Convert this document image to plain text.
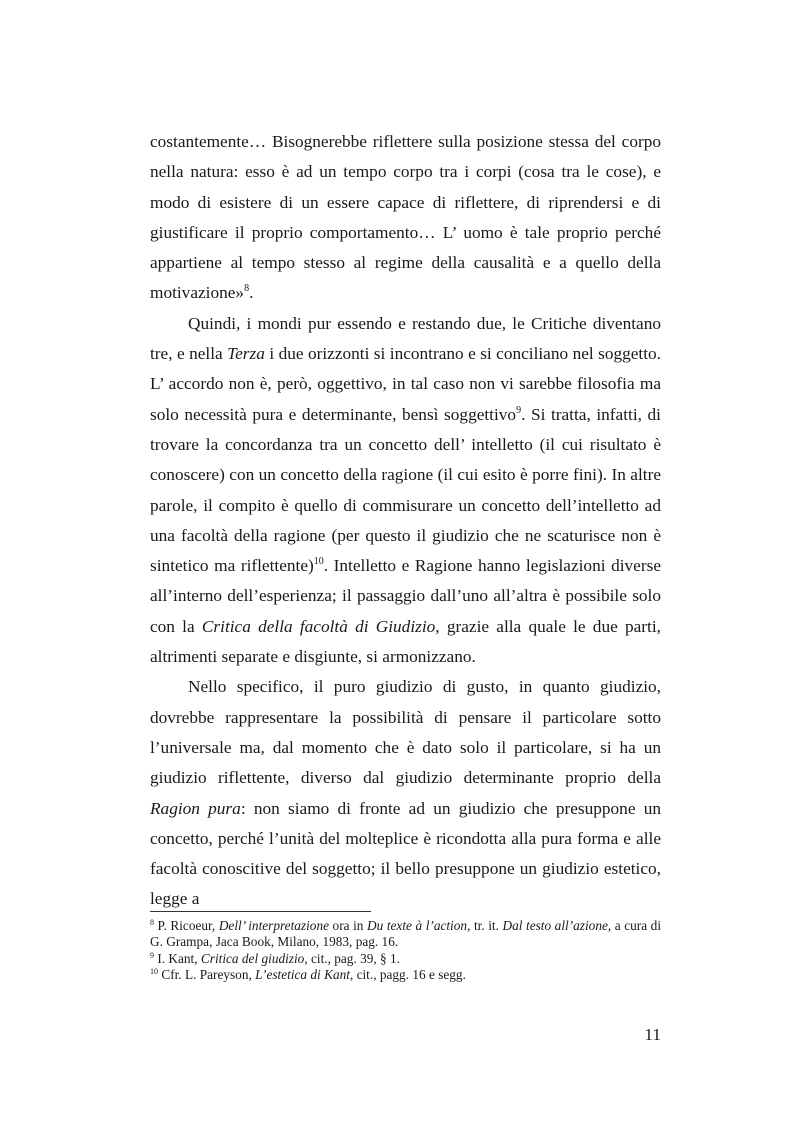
costantemente… Bisognerebbe riflettere sulla posizione stessa del corpo nella natura: esso è ad un tempo corpo tra i corpi (cosa tra le cose), e modo di esistere di un essere capace di riflettere, di riprendersi e di giustificare il proprio comportamento… L’ uomo è tale proprio perché appartiene al tempo stesso al regime della causalità e a quello della motivazione»$^8$.

Quindi, i mondi pur essendo e restando due, le Critiche diventano tre, e nella Terza i due orizzonti si incontrano e si conciliano nel soggetto. L’ accordo non è, però, oggettivo, in tal caso non vi sarebbe filosofia ma solo necessità pura e determinante, bensì soggettivo$^9$. Si tratta, infatti, di trovare la concordanza tra un concetto dell’ intelletto (il cui risultato è conoscere) con un concetto della ragione (il cui esito è porre fini). In altre parole, il compito è quello di commisurare un concetto dell’intelletto ad una facoltà della ragione (per questo il giudizio che ne scaturisce non è sintetico ma riflettente)$^{10}$. Intelletto e Ragione hanno legislazioni diverse all’interno dell’esperienza; il passaggio dall’uno all’altra è possibile solo con la Critica della facoltà di Giudizio, grazie alla quale le due parti, altrimenti separate e disgiunte, si armonizzano.

Nello specifico, il puro giudizio di gusto, in quanto giudizio, dovrebbe rappresentare la possibilità di pensare il particolare sotto l’universale ma, dal momento che è dato solo il particolare, si ha un giudizio riflettente, diverso dal giudizio determinante proprio della Ragion pura: non siamo di fronte ad un giudizio che presuppone un concetto, perché l’unità del molteplice è ricondotta alla pura forma e alle facoltà conoscitive del soggetto; il bello presuppone un giudizio estetico, legge a

$^8$ P. Ricoeur, Dell’ interpretazione ora in Du texte à l’action, tr. it. Dal testo all’azione, a cura di G. Grampa, Jaca Book, Milano, 1983, pag. 16.

$^9$ I. Kant, Critica del giudizio, cit., pag. 39, § 1.

$^{10}$ Cfr. L. Pareyson, L’estetica di Kant, cit., pagg. 16 e segg.

11
